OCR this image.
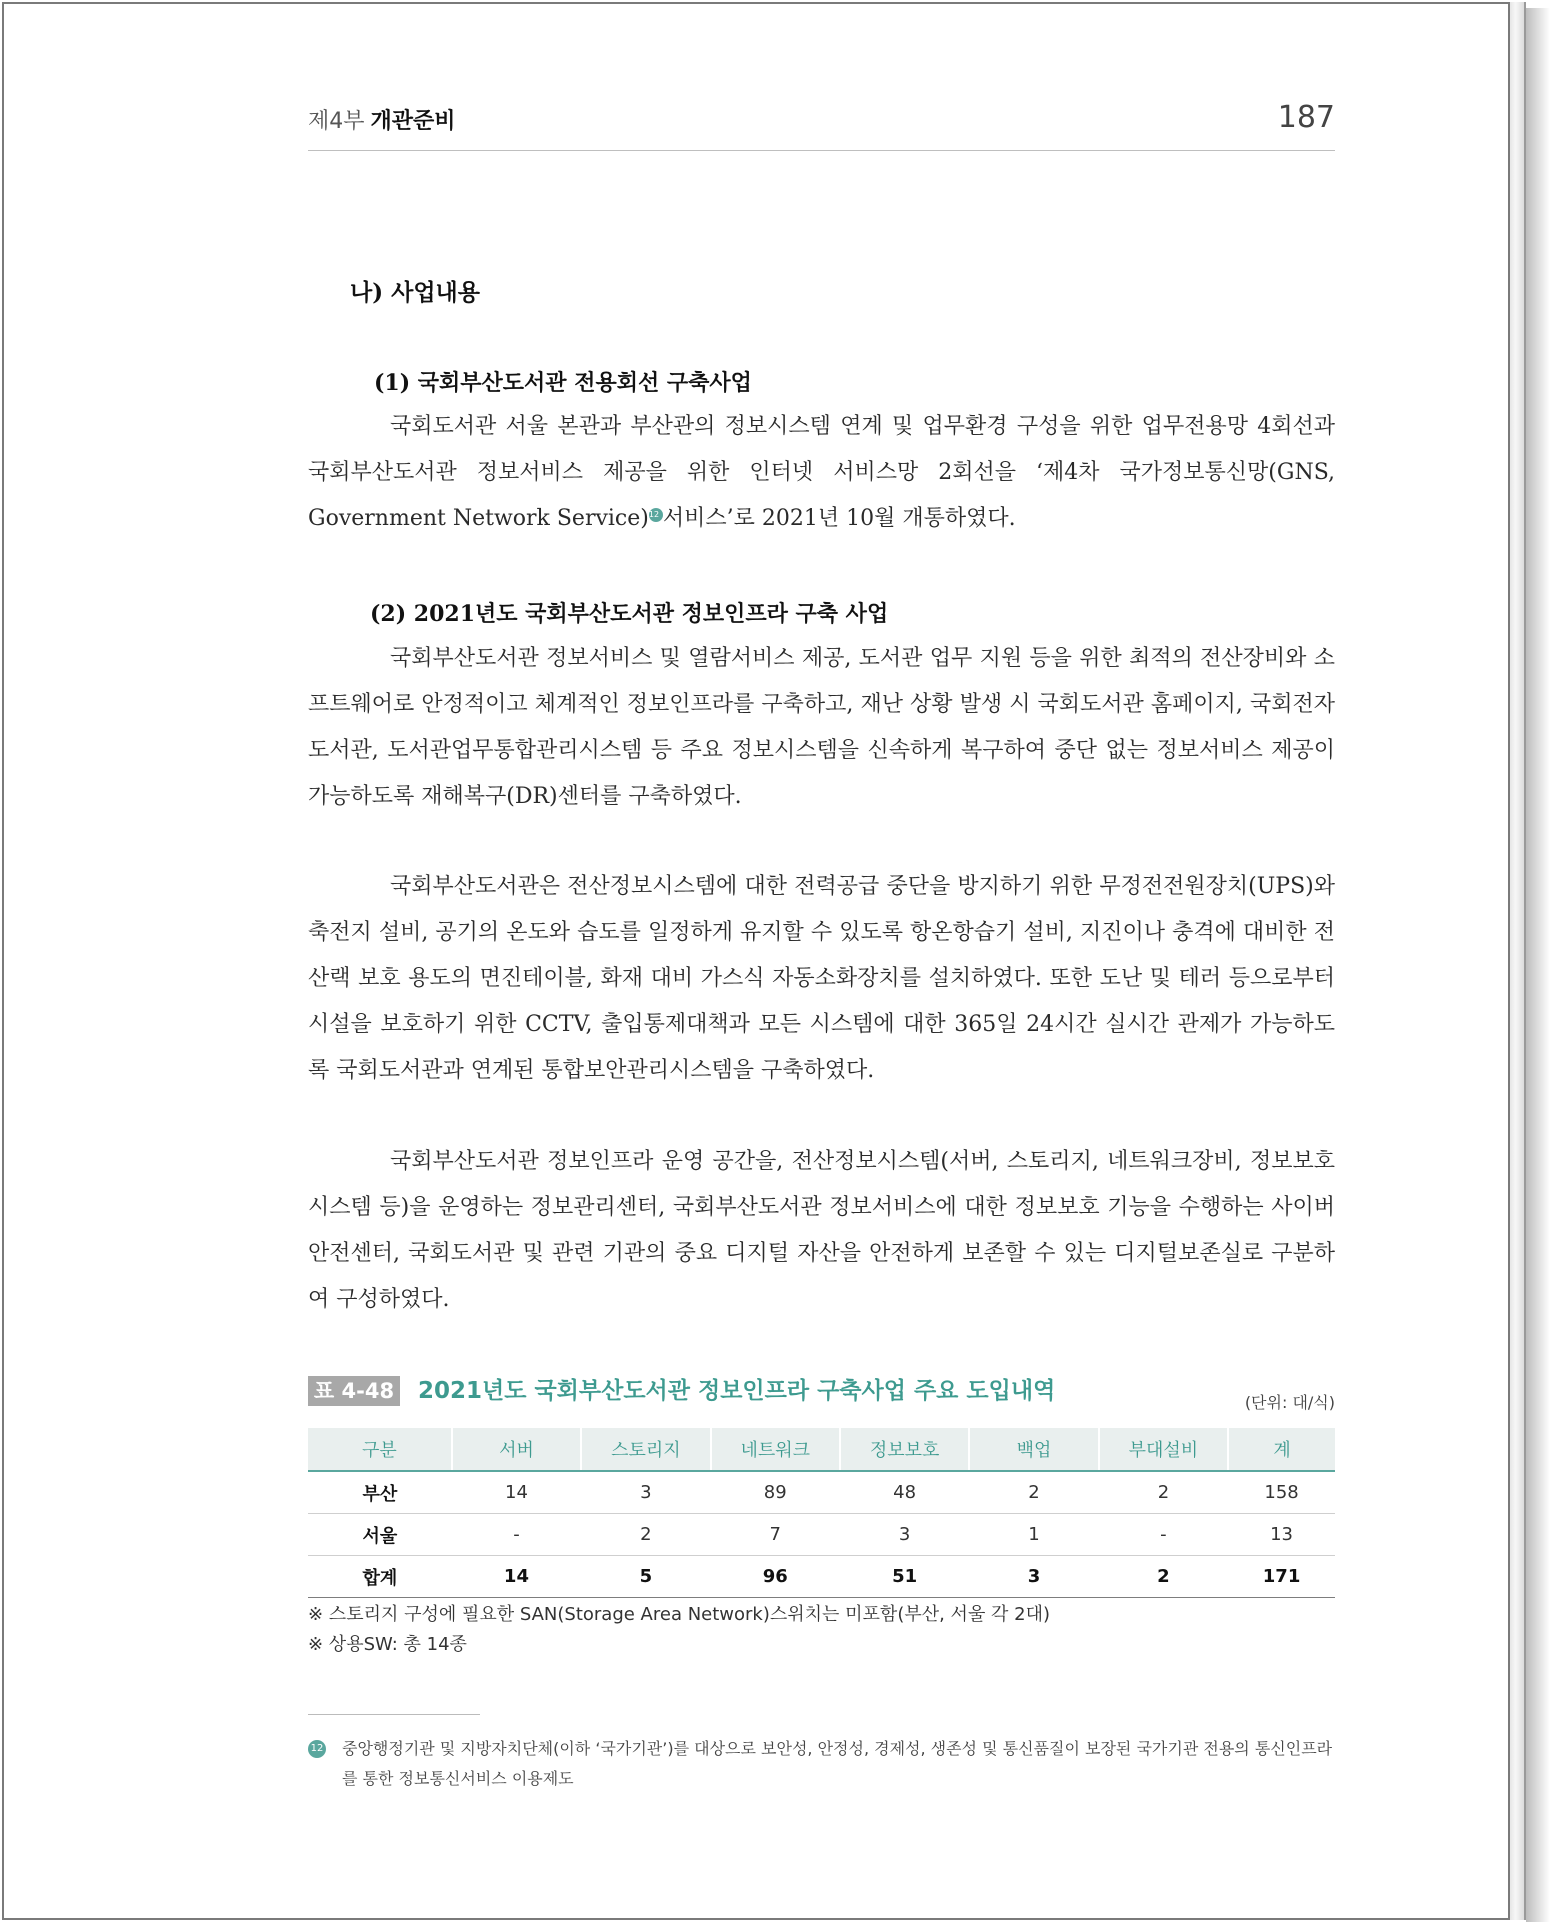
제4부 개관준비	187
나) 사업내용
(1) 국회부산도서관 전용회선 구축사업

국회도서관 서울 본관과 부산관의 정보시스템 연계 및 업무환경 구성을 위한 업무전용망 4회선과 국회부산도서관 정보서비스 제공을 위한 인터넷 서비스망 2회선을 ‘제4차 국가정보통신망(GNS, Government Network Service)12 서비스’로 2021년 10월 개통하였다.

(2) 2021년도 국회부산도서관 정보인프라 구축 사업

국회부산도서관 정보서비스 및 열람서비스 제공, 도서관 업무 지원 등을 위한 최적의 전산장비와 소프트웨어로 안정적이고 체계적인 정보인프라를 구축하고, 재난 상황 발생 시 국회도서관 홈페이지, 국회전자도서관, 도서관업무통합관리시스템 등 주요 정보시스템을 신속하게 복구하여 중단 없는 정보서비스 제공이 가능하도록 재해복구(DR)센터를 구축하였다.

국회부산도서관은 전산정보시스템에 대한 전력공급 중단을 방지하기 위한 무정전전원장치(UPS)와 축전지 설비, 공기의 온도와 습도를 일정하게 유지할 수 있도록 항온항습기 설비, 지진이나 충격에 대비한 전산랙 보호 용도의 면진테이블, 화재 대비 가스식 자동소화장치를 설치하였다. 또한 도난 및 테러 등으로부터 시설을 보호하기 위한 CCTV, 출입통제대책과 모든 시스템에 대한 365일 24시간 실시간 관제가 가능하도록 국회도서관과 연계된 통합보안관리시스템을 구축하였다.

국회부산도서관 정보인프라 운영 공간을, 전산정보시스템(서버, 스토리지, 네트워크장비, 정보보호시스템 등)을 운영하는 정보관리센터, 국회부산도서관 정보서비스에 대한 정보보호 기능을 수행하는 사이버안전센터, 국회도서관 및 관련 기관의 중요 디지털 자산을 안전하게 보존할 수 있는 디지털보존실로 구분하여 구성하였다.

표 4-48 2021년도 국회부산도서관 정보인프라 구축사업 주요 도입내역	(단위: 대/식)
구분	서버	스토리지	네트워크	정보보호	백업	부대설비	계
부산	14	3	89	48	2	2	158
서울	-	2	7	3	1	-	13
합계	14	5	96	51	3	2	171
※ 스토리지 구성에 필요한 SAN(Storage Area Network)스위치는 미포함(부산, 서울 각 2대)
※ 상용SW: 총 14종
12 중앙행정기관 및 지방자치단체(이하 ‘국가기관’)를 대상으로 보안성, 안정성, 경제성, 생존성 및 통신품질이 보장된 국가기관 전용의 통신인프라를 통한 정보통신서비스 이용제도
